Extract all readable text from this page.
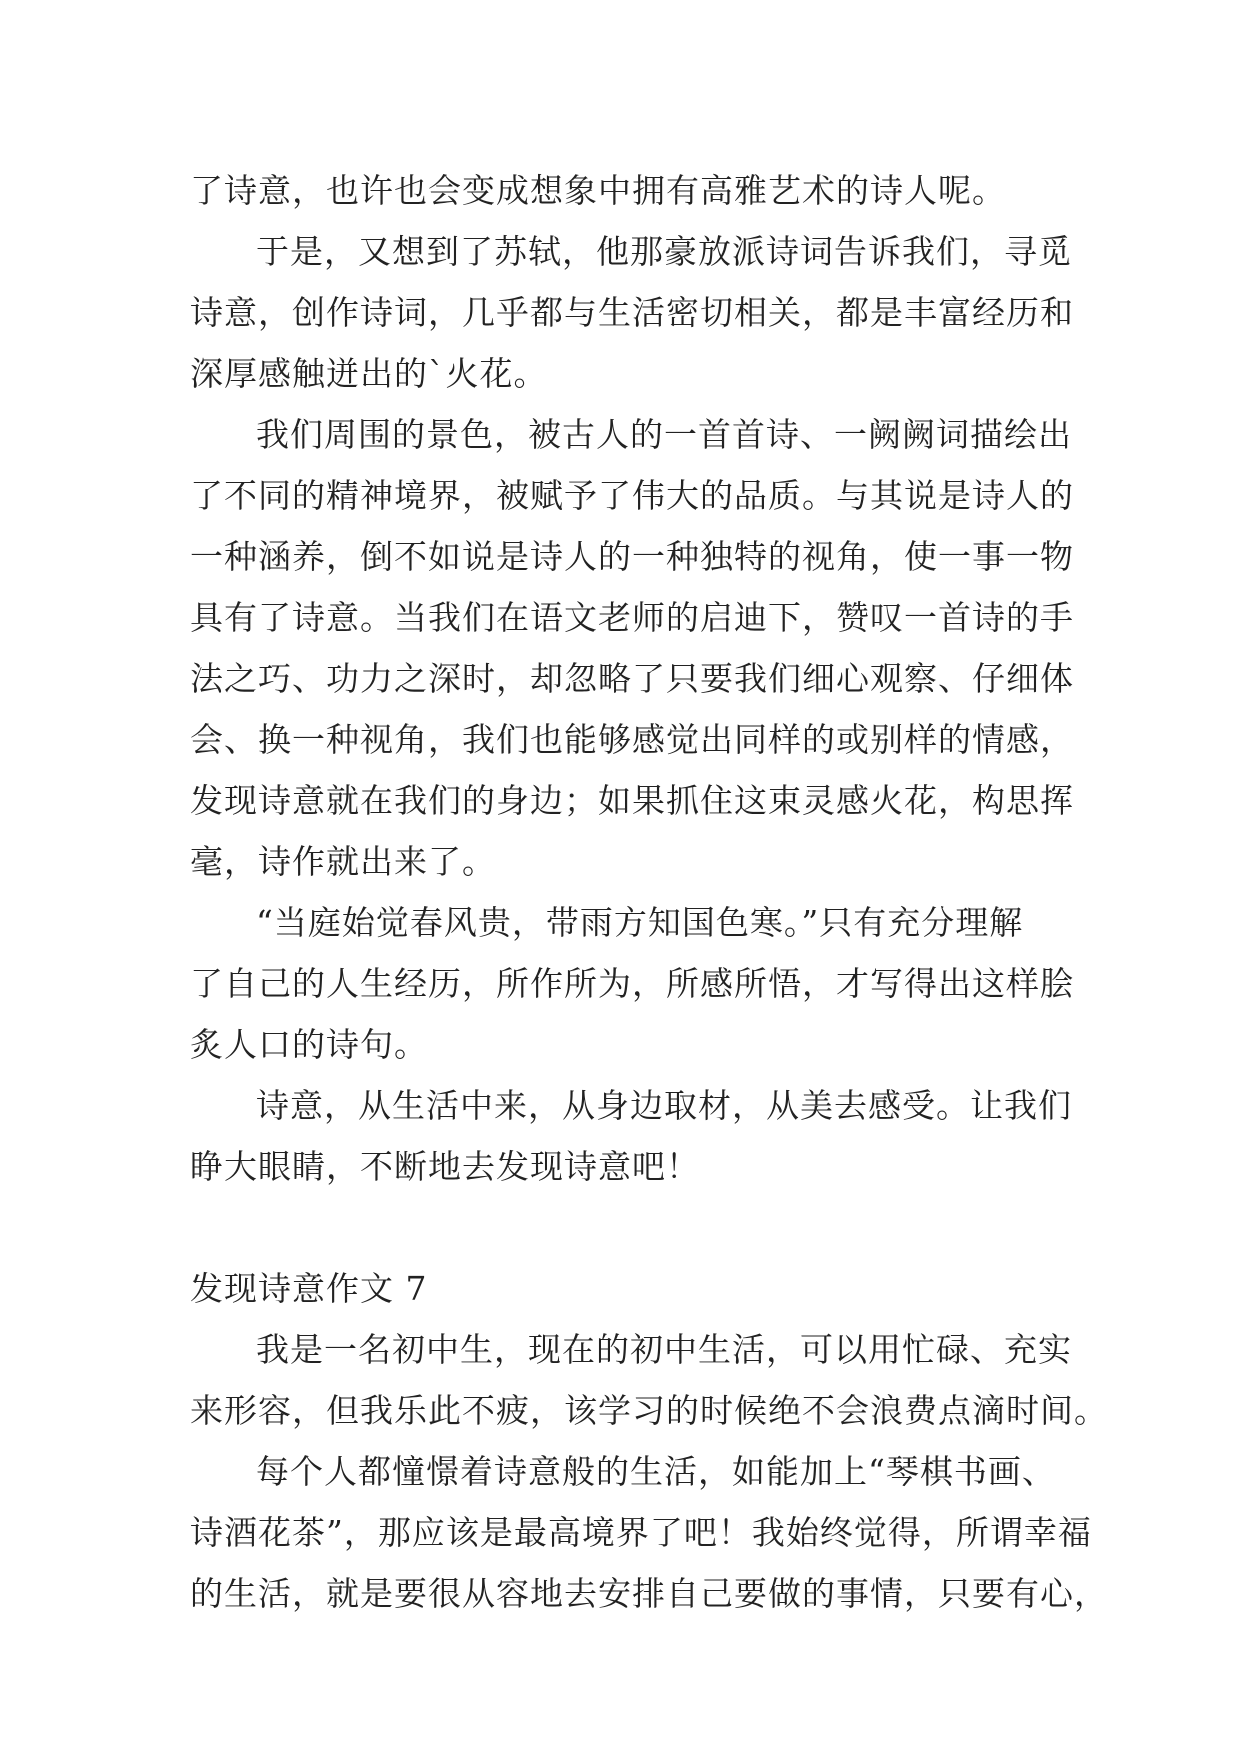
了诗意，也许也会变成想象中拥有高雅艺术的诗人呢。
于是，又想到了苏轼，他那豪放派诗词告诉我们，寻觅
诗意，创作诗词，几乎都与生活密切相关，都是丰富经历和
深厚感触迸出的`火花。
我们周围的景色，被古人的一首首诗、一阙阙词描绘出
了不同的精神境界，被赋予了伟大的品质。与其说是诗人的
一种涵养，倒不如说是诗人的一种独特的视角，使一事一物
具有了诗意。当我们在语文老师的启迪下，赞叹一首诗的手
法之巧、功力之深时，却忽略了只要我们细心观察、仔细体
会、换一种视角，我们也能够感觉出同样的或别样的情感，
发现诗意就在我们的身边；如果抓住这束灵感火花，构思挥
毫，诗作就出来了。
“当庭始觉春风贵，带雨方知国色寒。”只有充分理解
了自己的人生经历，所作所为，所感所悟，才写得出这样脍
炙人口的诗句。
诗意，从生活中来，从身边取材，从美去感受。让我们
睁大眼睛，不断地去发现诗意吧！
发现诗意作文 7
我是一名初中生，现在的初中生活，可以用忙碌、充实
来形容，但我乐此不疲，该学习的时候绝不会浪费点滴时间。
每个人都憧憬着诗意般的生活，如能加上“琴棋书画、
诗酒花茶”，那应该是最高境界了吧！我始终觉得，所谓幸福
的生活，就是要很从容地去安排自己要做的事情，只要有心，
